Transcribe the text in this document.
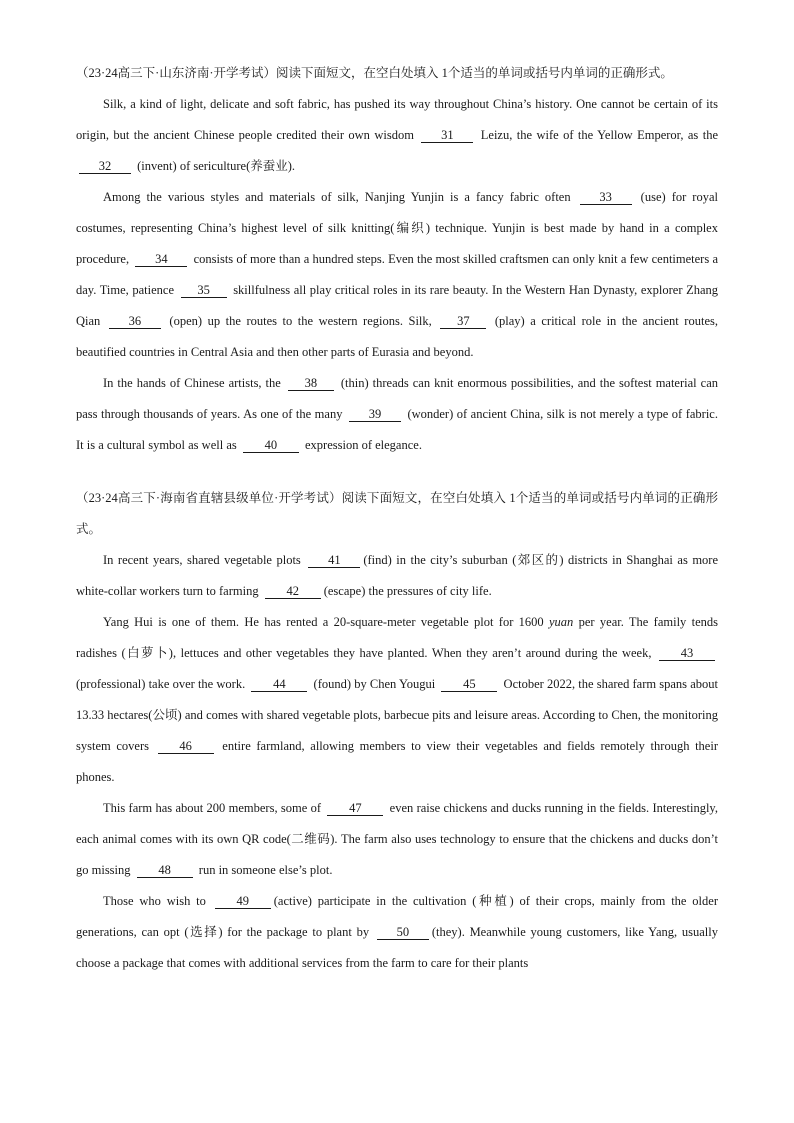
（23·24高三下·山东济南·开学考试）阅读下面短文，在空白处填入 1个适当的单词或括号内单词的正确形式。

Silk, a kind of light, delicate and soft fabric, has pushed its way throughout China’s history. One cannot be certain of its origin, but the ancient Chinese people credited their own wisdom 31 Leizu, the wife of the Yellow Emperor, as the 32 (invent) of sericulture(养蚕业).

Among the various styles and materials of silk, Nanjing Yunjin is a fancy fabric often 33 (use) for royal costumes, representing China’s highest level of silk knitting(编织) technique. Yunjin is best made by hand in a complex procedure, 34 consists of more than a hundred steps. Even the most skilled craftsmen can only knit a few centimeters a day. Time, patience 35 skillfulness all play critical roles in its rare beauty. In the Western Han Dynasty, explorer Zhang Qian 36 (open) up the routes to the western regions. Silk, 37 (play) a critical role in the ancient routes, beautified countries in Central Asia and then other parts of Eurasia and beyond.

In the hands of Chinese artists, the 38 (thin) threads can knit enormous possibilities, and the softest material can pass through thousands of years. As one of the many 39 (wonder) of ancient China, silk is not merely a type of fabric. It is a cultural symbol as well as 40 expression of elegance.

（23·24高三下·海南省直辖县级单位·开学考试）阅读下面短文，在空白处填入 1个适当的单词或括号内单词的正确形式。

In recent years, shared vegetable plots 41 (find) in the city’s suburban (郊区的) districts in Shanghai as more white-collar workers turn to farming 42 (escape) the pressures of city life.

Yang Hui is one of them. He has rented a 20-square-meter vegetable plot for 1600 yuan per year. The family tends radishes (白萝卜), lettuces and other vegetables they have planted. When they aren’t around during the week, 43(professional) take over the work. 44 (found) by Chen Yougui 45 October 2022, the shared farm spans about 13.33 hectares(公顷) and comes with shared vegetable plots, barbecue pits and leisure areas. According to Chen, the monitoring system covers 46 entire farmland, allowing members to view their vegetables and fields remotely through their phones.

This farm has about 200 members, some of 47 even raise chickens and ducks running in the fields. Interestingly, each animal comes with its own QR code(二维码). The farm also uses technology to ensure that the chickens and ducks don’t go missing 48 run in someone else’s plot.

Those who wish to 49 (active) participate in the cultivation (种植) of their crops, mainly from the older generations, can opt (选择) for the package to plant by 50 (they). Meanwhile young customers, like Yang, usually choose a package that comes with additional services from the farm to care for their plants
